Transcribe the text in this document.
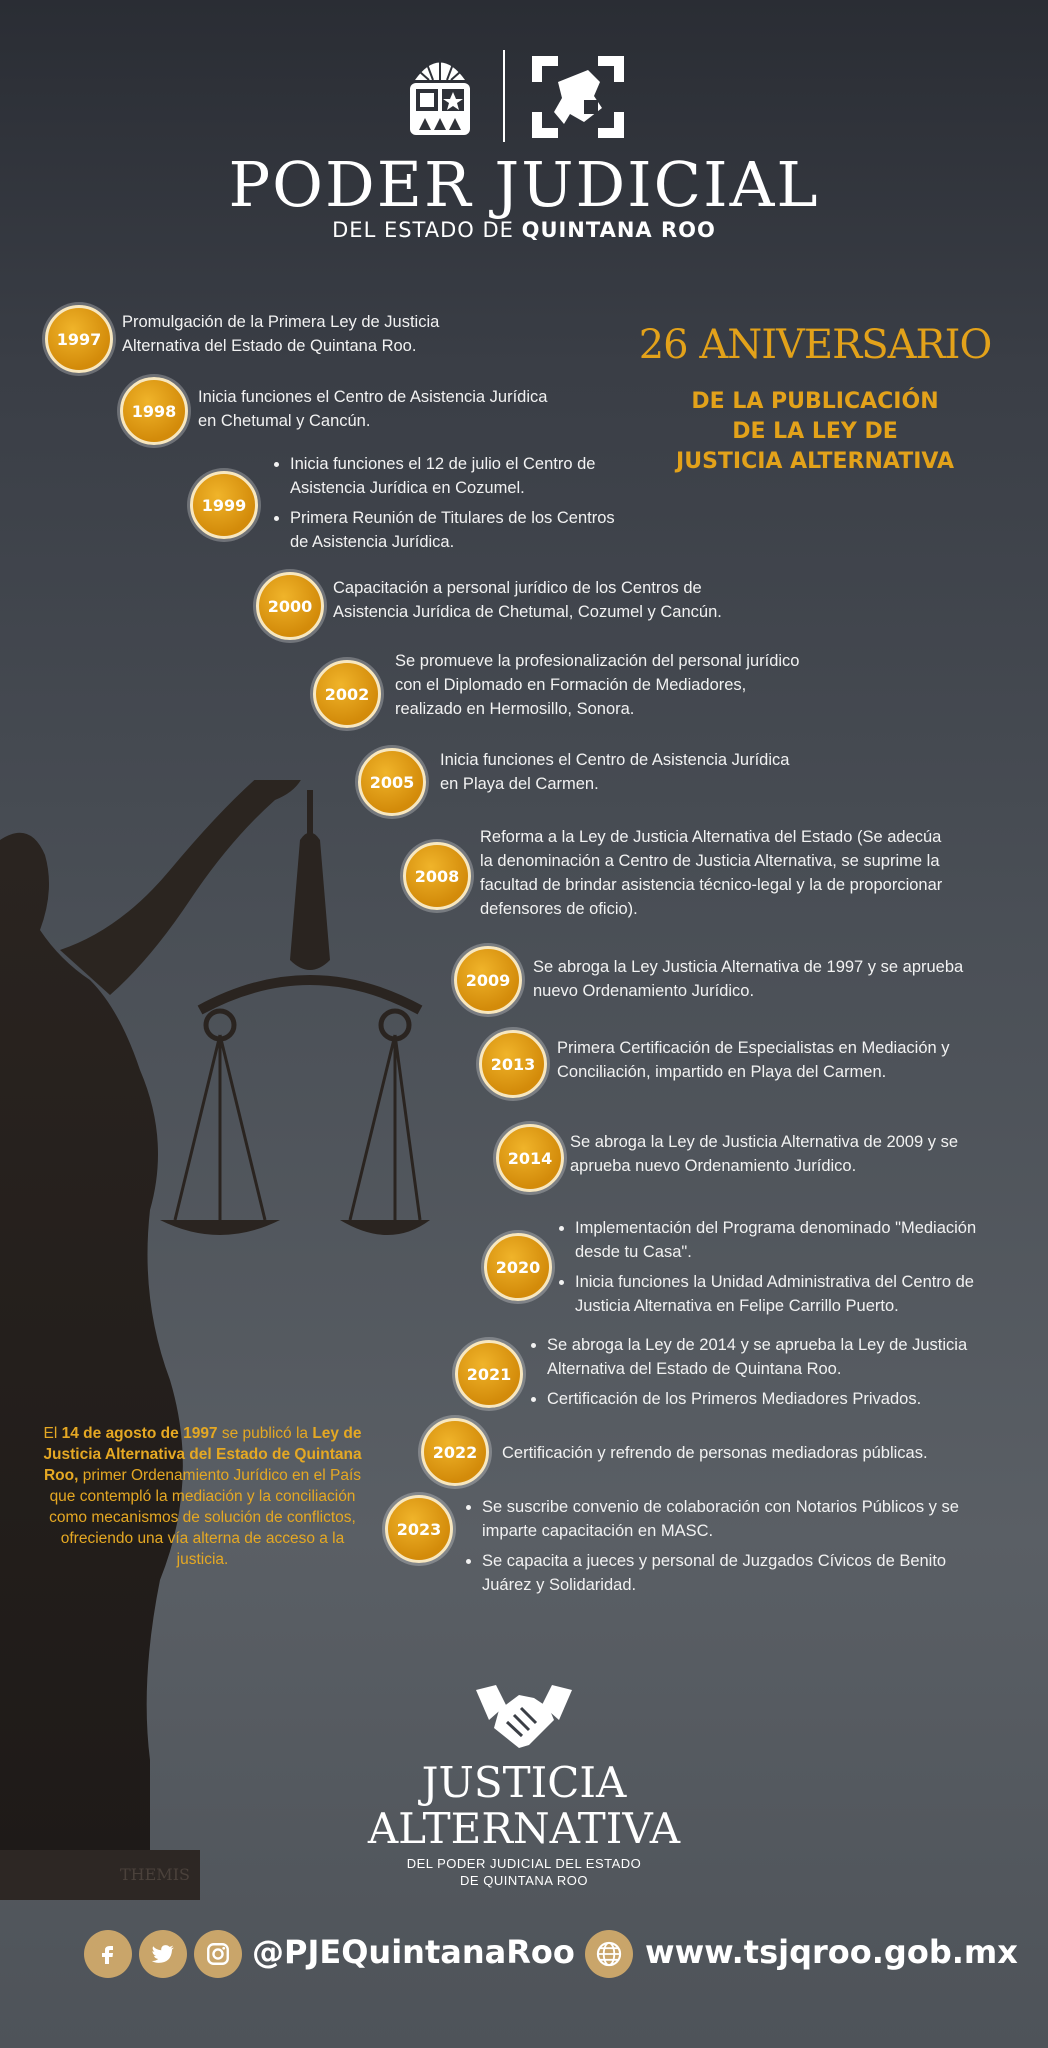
PODER JUDICIAL
DEL ESTADO DE QUINTANA ROO
26 ANIVERSARIO
DE LA PUBLICACIÓN
DE LA LEY DE
JUSTICIA ALTERNATIVA
THEMIS
1997
Promulgación de la Primera Ley de Justicia Alternativa del Estado de Quintana Roo.
1998
Inicia funciones el Centro de Asistencia Jurídica en Chetumal y Cancún.
1999
• Inicia funciones el 12 de julio el Centro de Asistencia Jurídica en Cozumel.
• Primera Reunión de Titulares de los Centros de Asistencia Jurídica.
2000
Capacitación a personal jurídico de los Centros de Asistencia Jurídica de Chetumal, Cozumel y Cancún.
2002
Se promueve la profesionalización del personal jurídico con el Diplomado en Formación de Mediadores, realizado en Hermosillo, Sonora.
2005
Inicia funciones el Centro de Asistencia Jurídica en Playa del Carmen.
2008
Reforma a la Ley de Justicia Alternativa del Estado (Se adecúa la denominación a Centro de Justicia Alternativa, se suprime la facultad de brindar asistencia técnico-legal y la de proporcionar defensores de oficio).
2009
Se abroga la Ley Justicia Alternativa de 1997 y se aprueba nuevo Ordenamiento Jurídico.
2013
Primera Certificación de Especialistas en Mediación y Conciliación, impartido en Playa del Carmen.
2014
Se abroga la Ley de Justicia Alternativa de 2009 y se aprueba nuevo Ordenamiento Jurídico.
2020
• Implementación del Programa denominado "Mediación desde tu Casa".
• Inicia funciones la Unidad Administrativa del Centro de Justicia Alternativa en Felipe Carrillo Puerto.
2021
• Se abroga la Ley de 2014 y se aprueba la Ley de Justicia Alternativa del Estado de Quintana Roo.
• Certificación de los Primeros Mediadores Privados.
2022	Certificación y refrendo de personas mediadoras públicas.
2023
• Se suscribe convenio de colaboración con Notarios Públicos y se imparte capacitación en MASC.
• Se capacita a jueces y personal de Juzgados Cívicos de Benito Juárez y Solidaridad.
El 14 de agosto de 1997 se publicó la Ley de Justicia Alternativa del Estado de Quintana Roo, primer Ordenamiento Jurídico en el País que contempló la mediación y la conciliación como mecanismos de solución de conflictos, ofreciendo una vía alterna de acceso a la justicia.
JUSTICIA
ALTERNATIVA
DEL PODER JUDICIAL DEL ESTADO
DE QUINTANA ROO
@PJEQuintanaRoo www.tsjqroo.gob.mx
